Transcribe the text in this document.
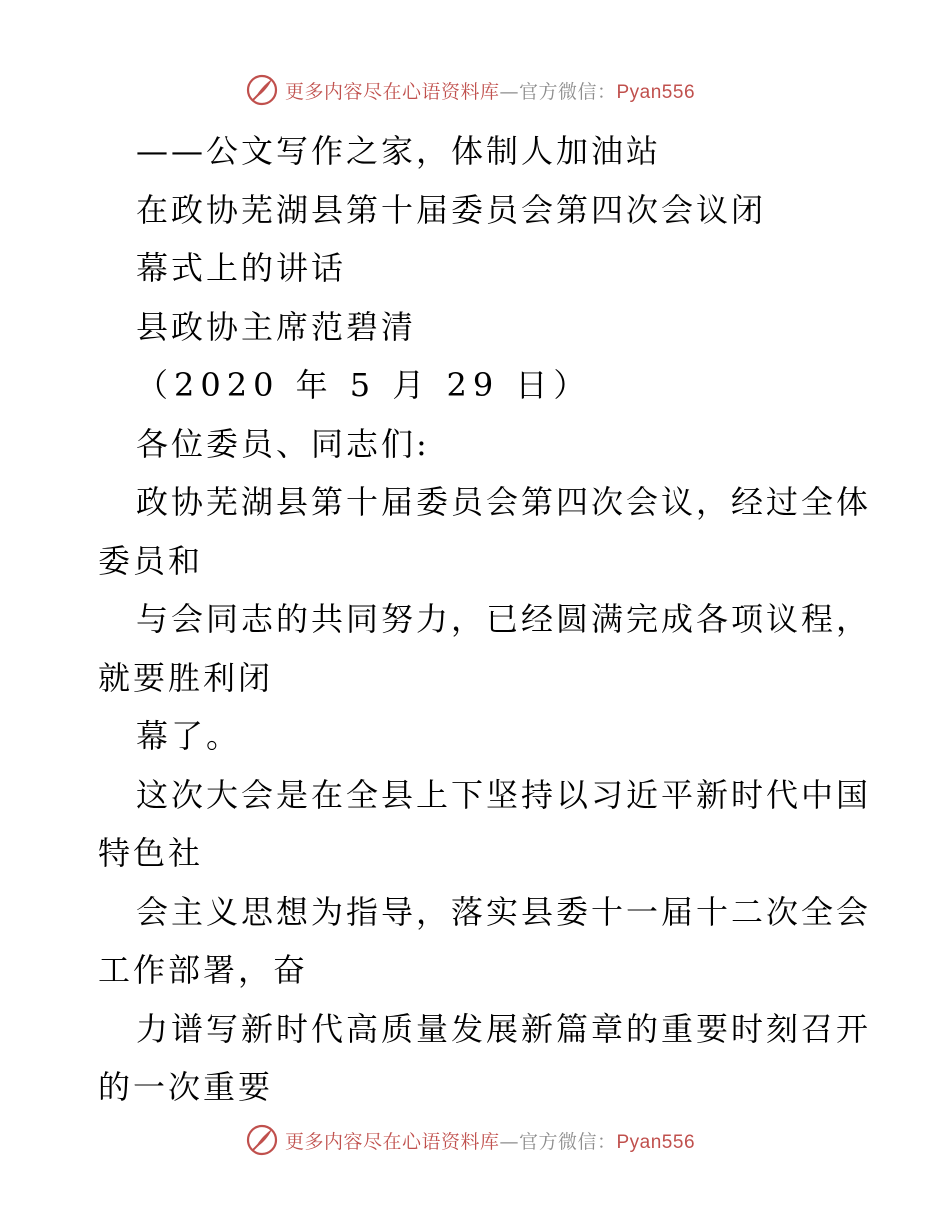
更多内容尽在心语资料库—官方微信：Pyan556
——公文写作之家，体制人加油站
在政协芜湖县第十届委员会第四次会议闭
幕式上的讲话
县政协主席范碧清
（2020 年 5 月 29 日）
各位委员、同志们:
政协芜湖县第十届委员会第四次会议，经过全体
委员和
与会同志的共同努力，已经圆满完成各项议程，
就要胜利闭
幕了。
这次大会是在全县上下坚持以习近平新时代中国
特色社
会主义思想为指导，落实县委十一届十二次全会
工作部署，奋
力谱写新时代高质量发展新篇章的重要时刻召开
的一次重要
更多内容尽在心语资料库—官方微信：Pyan556
